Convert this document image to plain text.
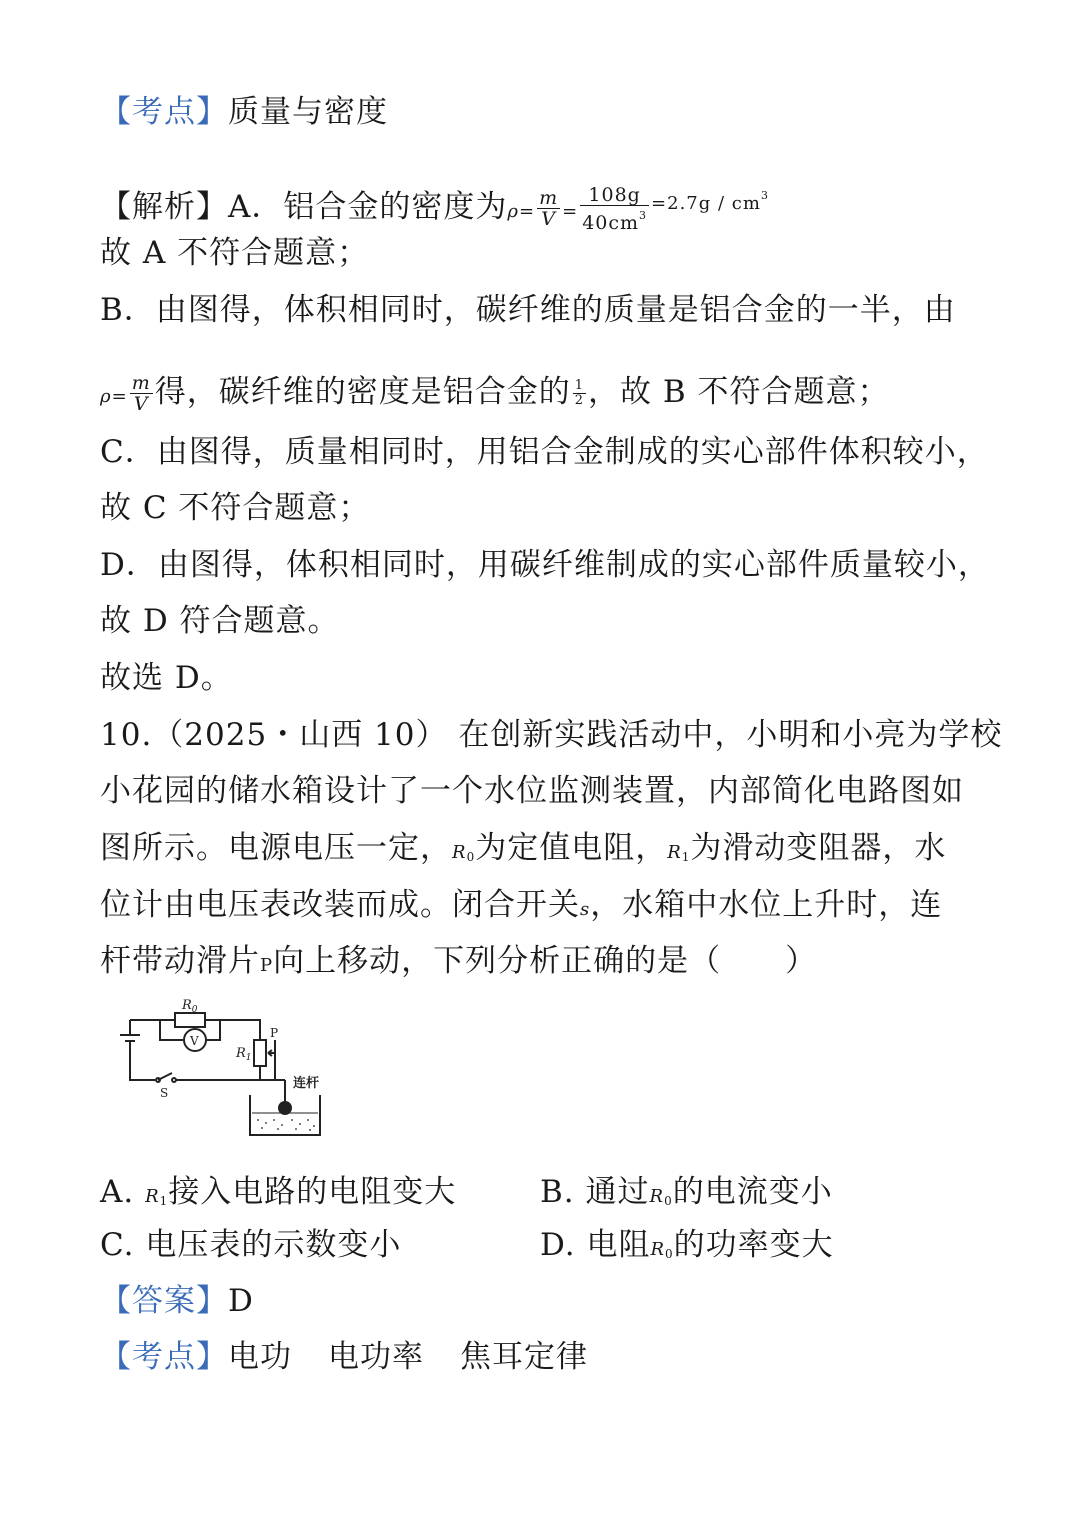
【考点】质量与密度
【解析】A．铝合金的密度为$\rho= \frac{m}{V} = \frac{108g}{40cm^3} ^{=2.7g / cm^3}$
故 A 不符合题意；
B．由图得，体积相同时，碳纤维的质量是铝合金的一半，由
$\rho= \frac{m}{V}$ 得，碳纤维的密度是铝合金的 $\frac{1}{2}$ ，故 B 不符合题意；
C．由图得，质量相同时，用铝合金制成的实心部件体积较小，
故 C 不符合题意；
D．由图得，体积相同时，用碳纤维制成的实心部件质量较小，
故 D 符合题意。
故选 D。
10.（2025・山西 10） 在创新实践活动中，小明和小亮为学校
小花园的储水箱设计了一个水位监测装置，内部简化电路图如
图所示。电源电压一定，$R_0$为定值电阻，$R_1$为滑动变阻器，水
位计由电压表改装而成。闭合开关s，水箱中水位上升时，连
杆带动滑片P向上移动，下列分析正确的是（　　）
$R_0$
V
$R_1$
P
S
连杆
A. $R_1$接入电路的电阻变大	B. 通过$R_0$的电流变小
C. 电压表的示数变小	D. 电阻$R_0$的功率变大
【答案】D
【考点】电功 电功率 焦耳定律
